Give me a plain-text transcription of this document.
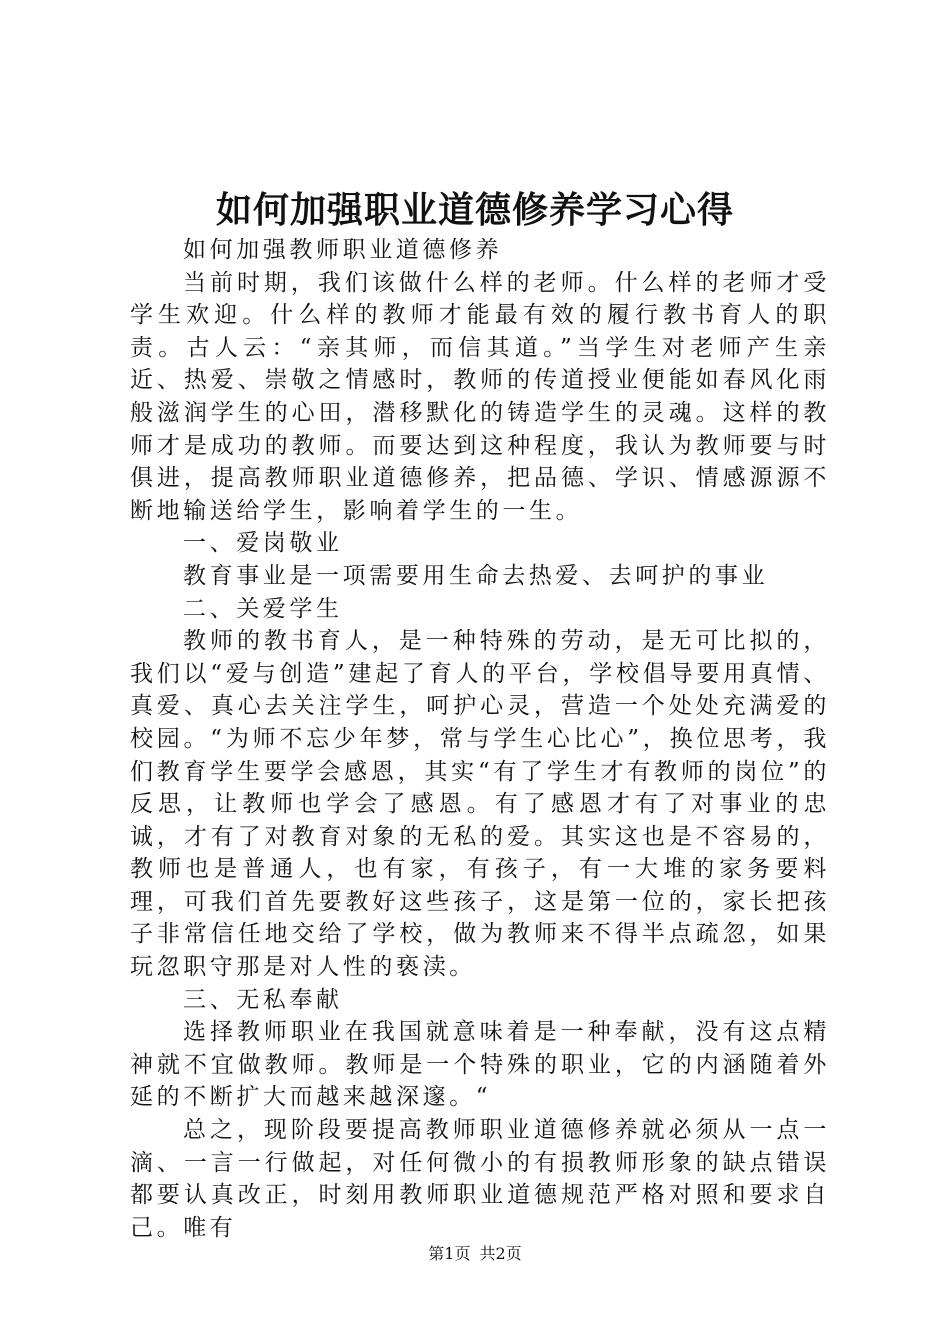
如何加强职业道德修养学习心得

如何加强教师职业道德修养

当前时期，我们该做什么样的老师。什么样的老师才受学生欢迎。什么样的教师才能最有效的履行教书育人的职责。古人云：“亲其师，而信其道。”当学生对老师产生亲近、热爱、崇敬之情感时，教师的传道授业便能如春风化雨般滋润学生的心田，潜移默化的铸造学生的灵魂。这样的教师才是成功的教师。而要达到这种程度，我认为教师要与时俱进，提高教师职业道德修养，把品德、学识、情感源源不断地输送给学生，影响着学生的一生。

一、爱岗敬业

教育事业是一项需要用生命去热爱、去呵护的事业

二、关爱学生

教师的教书育人，是一种特殊的劳动，是无可比拟的，我们以“爱与创造”建起了育人的平台，学校倡导要用真情、真爱、真心去关注学生，呵护心灵，营造一个处处充满爱的校园。“为师不忘少年梦，常与学生心比心”，换位思考，我们教育学生要学会感恩，其实“有了学生才有教师的岗位”的反思，让教师也学会了感恩。有了感恩才有了对事业的忠诚，才有了对教育对象的无私的爱。其实这也是不容易的，教师也是普通人，也有家，有孩子，有一大堆的家务要料理，可我们首先要教好这些孩子，这是第一位的，家长把孩子非常信任地交给了学校，做为教师来不得半点疏忽，如果玩忽职守那是对人性的亵渎。

三、无私奉献

选择教师职业在我国就意味着是一种奉献，没有这点精神就不宜做教师。教师是一个特殊的职业，它的内涵随着外延的不断扩大而越来越深邃。“

总之，现阶段要提高教师职业道德修养就必须从一点一滴、一言一行做起，对任何微小的有损教师形象的缺点错误都要认真改正，时刻用教师职业道德规范严格对照和要求自己。唯有

第1页 共2页
